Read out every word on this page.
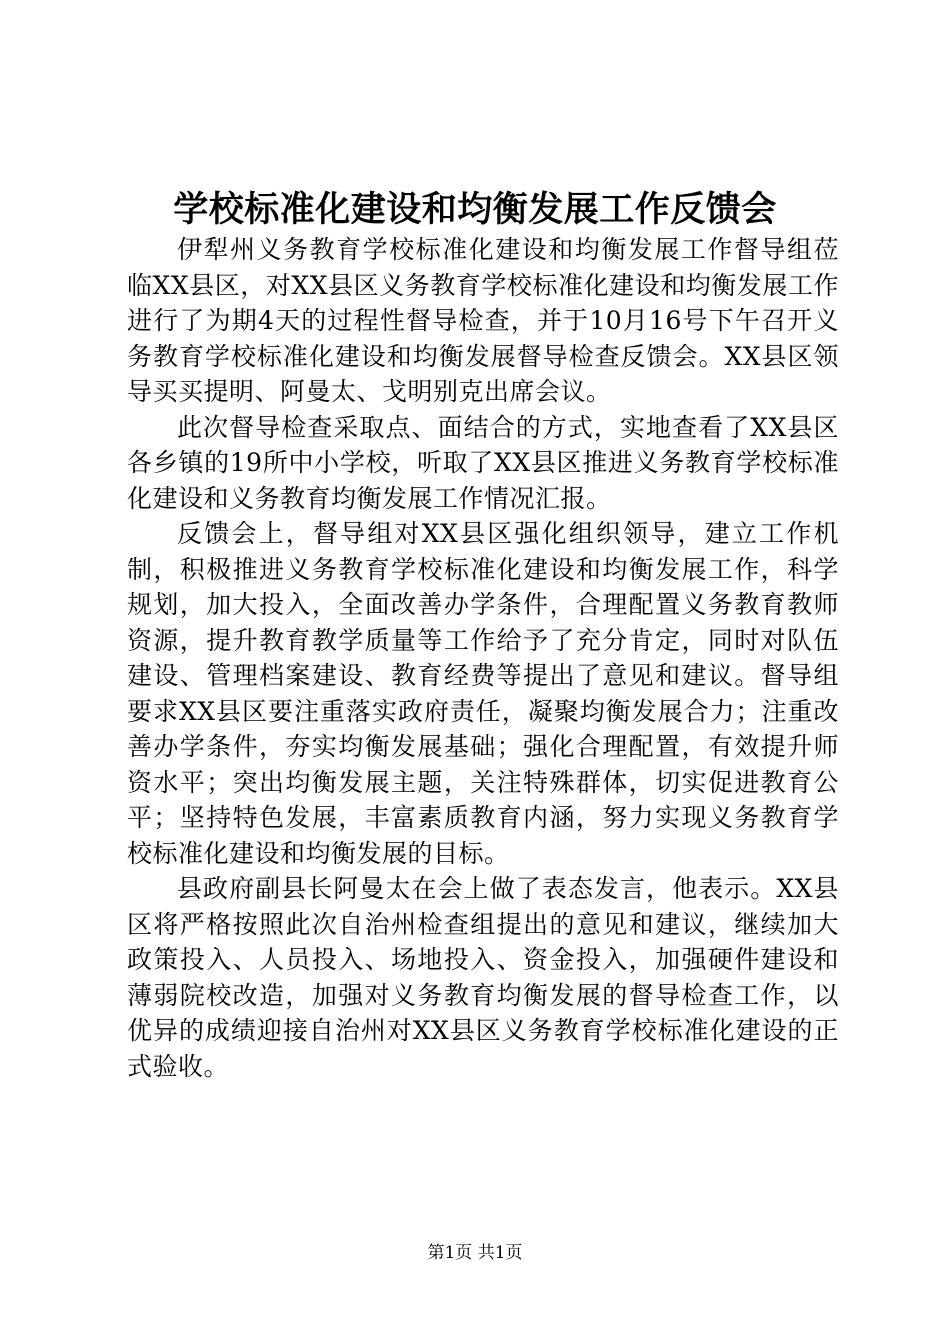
学校标准化建设和均衡发展工作反馈会

伊犁州义务教育学校标准化建设和均衡发展工作督导组莅临XX县区，对XX县区义务教育学校标准化建设和均衡发展工作进行了为期4天的过程性督导检查，并于10月16号下午召开义务教育学校标准化建设和均衡发展督导检查反馈会。XX县区领导买买提明、阿曼太、戈明别克出席会议。

此次督导检查采取点、面结合的方式，实地查看了XX县区各乡镇的19所中小学校，听取了XX县区推进义务教育学校标准化建设和义务教育均衡发展工作情况汇报。

反馈会上，督导组对XX县区强化组织领导，建立工作机制，积极推进义务教育学校标准化建设和均衡发展工作，科学规划，加大投入，全面改善办学条件，合理配置义务教育教师资源，提升教育教学质量等工作给予了充分肯定，同时对队伍建设、管理档案建设、教育经费等提出了意见和建议。督导组要求XX县区要注重落实政府责任，凝聚均衡发展合力；注重改善办学条件，夯实均衡发展基础；强化合理配置，有效提升师资水平；突出均衡发展主题，关注特殊群体，切实促进教育公平；坚持特色发展，丰富素质教育内涵，努力实现义务教育学校标准化建设和均衡发展的目标。

县政府副县长阿曼太在会上做了表态发言，他表示。XX县区将严格按照此次自治州检查组提出的意见和建议，继续加大政策投入、人员投入、场地投入、资金投入，加强硬件建设和薄弱院校改造，加强对义务教育均衡发展的督导检查工作，以优异的成绩迎接自治州对XX县区义务教育学校标准化建设的正式验收。

第1页 共1页
